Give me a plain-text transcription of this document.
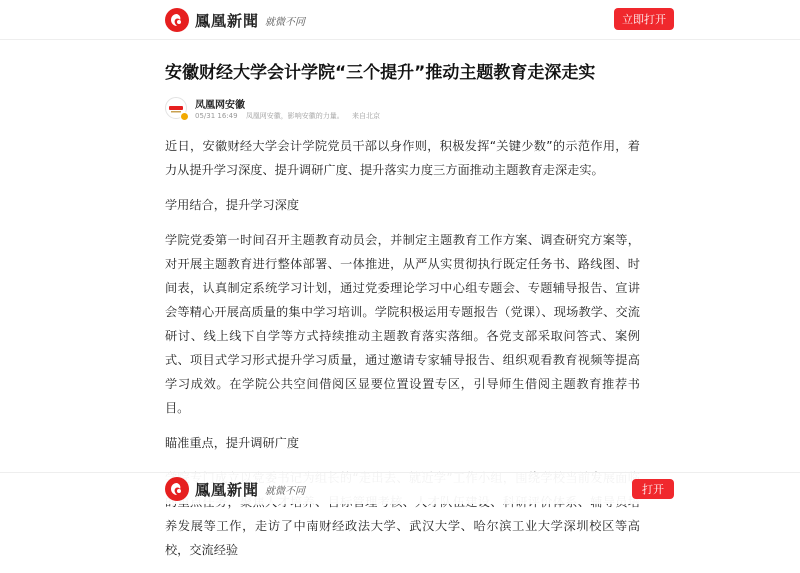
鳳凰新聞 就微不同	立即打开
安徽财经大学会计学院“三个提升”推动主题教育走深走实
凤凰网安徽
05/31 16:49 凤凰网安徽，影响安徽的力量。 来自北京

近日，安徽财经大学会计学院党员干部以身作则，积极发挥“关键少数”的示范作用，着力从提升学习深度、提升调研广度、提升落实力度三方面推动主题教育走深走实。

学用结合，提升学习深度

学院党委第一时间召开主题教育动员会，并制定主题教育工作方案、调查研究方案等，对开展主题教育进行整体部署、一体推进，从严从实贯彻执行既定任务书、路线图、时间表，认真制定系统学习计划，通过党委理论学习中心组专题会、专题辅导报告、宣讲会等精心开展高质量的集中学习培训。学院积极运用专题报告（党课）、现场教学、交流研讨、线上线下自学等方式持续推动主题教育落实落细。各党支部采取问答式、案例式、项目式学习形式提升学习质量，通过邀请专家辅导报告、组织观看教育视频等提高学习成效。在学院公共空间借阅区显要位置设置专区，引导师生借阅主题教育推荐书目。

瞄准重点，提升调研广度

养发展等工作，走访了中南财经政法大学、武汉大学、哈尔滨工业大学深圳校区等高校，交流经验

鳳凰新聞 就微不同	打开
